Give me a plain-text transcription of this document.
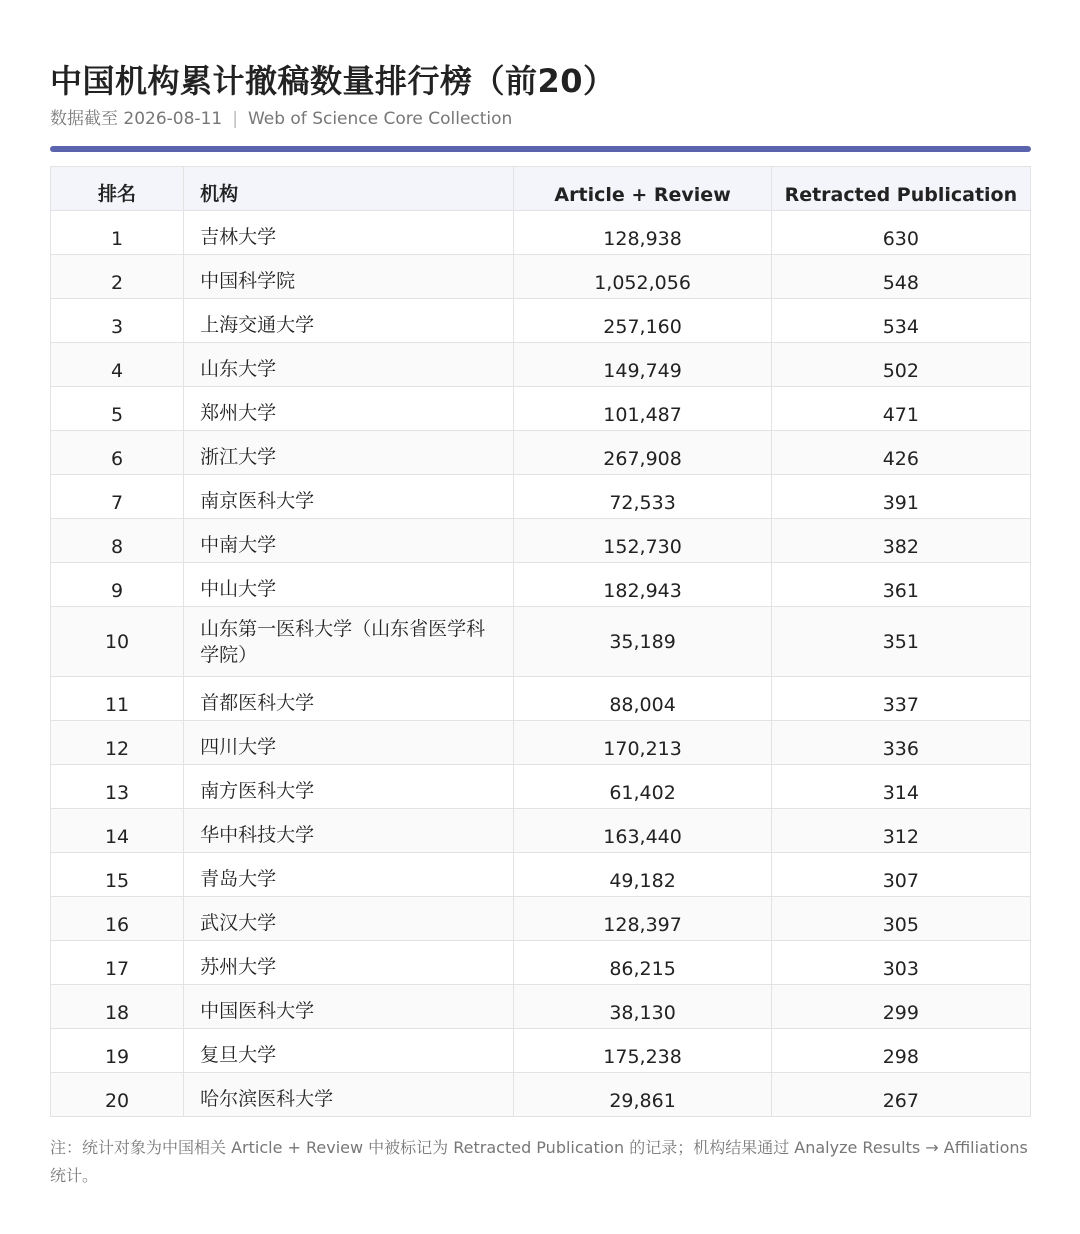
中国机构累计撤稿数量排行榜（前20）
数据截至 2026-08-11 | Web of Science Core Collection
排名	机构	Article + Review	Retracted Publication
1	吉林大学	128,938	630
2	中国科学院	1,052,056	548
3	上海交通大学	257,160	534
4	山东大学	149,749	502
5	郑州大学	101,487	471
6	浙江大学	267,908	426
7	南京医科大学	72,533	391
8	中南大学	152,730	382
9	中山大学	182,943	361
10	山东第一医科大学（山东省医学科学院）	35,189	351
11	首都医科大学	88,004	337
12	四川大学	170,213	336
13	南方医科大学	61,402	314
14	华中科技大学	163,440	312
15	青岛大学	49,182	307
16	武汉大学	128,397	305
17	苏州大学	86,215	303
18	中国医科大学	38,130	299
19	复旦大学	175,238	298
20	哈尔滨医科大学	29,861	267
注：统计对象为中国相关 Article + Review 中被标记为 Retracted Publication 的记录；机构结果通过 Analyze Results → Affiliations 统计。
